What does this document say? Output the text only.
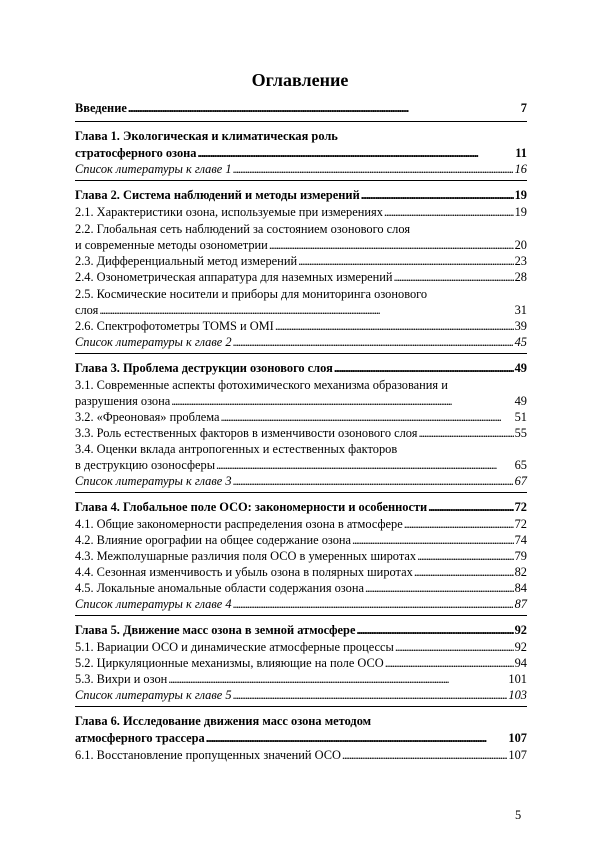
Оглавление
Введение . . .	7
Глава 1. Экологическая и климатическая роль
стратосферного озона . . .	11
Список литературы к главе 1 . . .	16
Глава 2. Система наблюдений и методы измерений . . .	19
2.1. Характеристики озона, используемые при измерениях . . .	19
2.2. Глобальная сеть наблюдений за состоянием озонового слоя
и современные методы озонометрии . . .	20
2.3. Дифференциальный метод измерений . . .	23
2.4. Озонометрическая аппаратура для наземных измерений . . .	28
2.5. Космические носители и приборы для мониторинга озонового
слоя . . .	31
2.6. Спектрофотометры TOMS и OMI . . .	39
Список литературы к главе 2 . . .	45
Глава 3. Проблема деструкции озонового слоя . . .	49
3.1. Современные аспекты фотохимического механизма образования и
разрушения озона . . .	49
3.2. «Фреоновая» проблема . . .	51
3.3. Роль естественных факторов в изменчивости озонового слоя . . .	55
3.4. Оценки вклада антропогенных и естественных факторов
в деструкцию озоносферы . . .	65
Список литературы к главе 3 . . .	67
Глава 4. Глобальное поле ОСО: закономерности и особенности . . .	72
4.1. Общие закономерности распределения озона в атмосфере . . .	72
4.2. Влияние орографии на общее содержание озона . . .	74
4.3. Межполушарные различия поля ОСО в умеренных широтах . . .	79
4.4. Сезонная изменчивость и убыль озона в полярных широтах . . .	82
4.5. Локальные аномальные области содержания озона . . .	84
Список литературы к главе 4 . . .	87
Глава 5. Движение масс озона в земной атмосфере . . .	92
5.1. Вариации ОСО и динамические атмосферные процессы . . .	92
5.2. Циркуляционные механизмы, влияющие на поле ОСО . . .	94
5.3. Вихри и озон . . .	101
Список литературы к главе 5 . . .	103
Глава 6. Исследование движения масс озона методом
атмосферного трассера . . .	107
6.1. Восстановление пропущенных значений ОСО . . .	107
5
